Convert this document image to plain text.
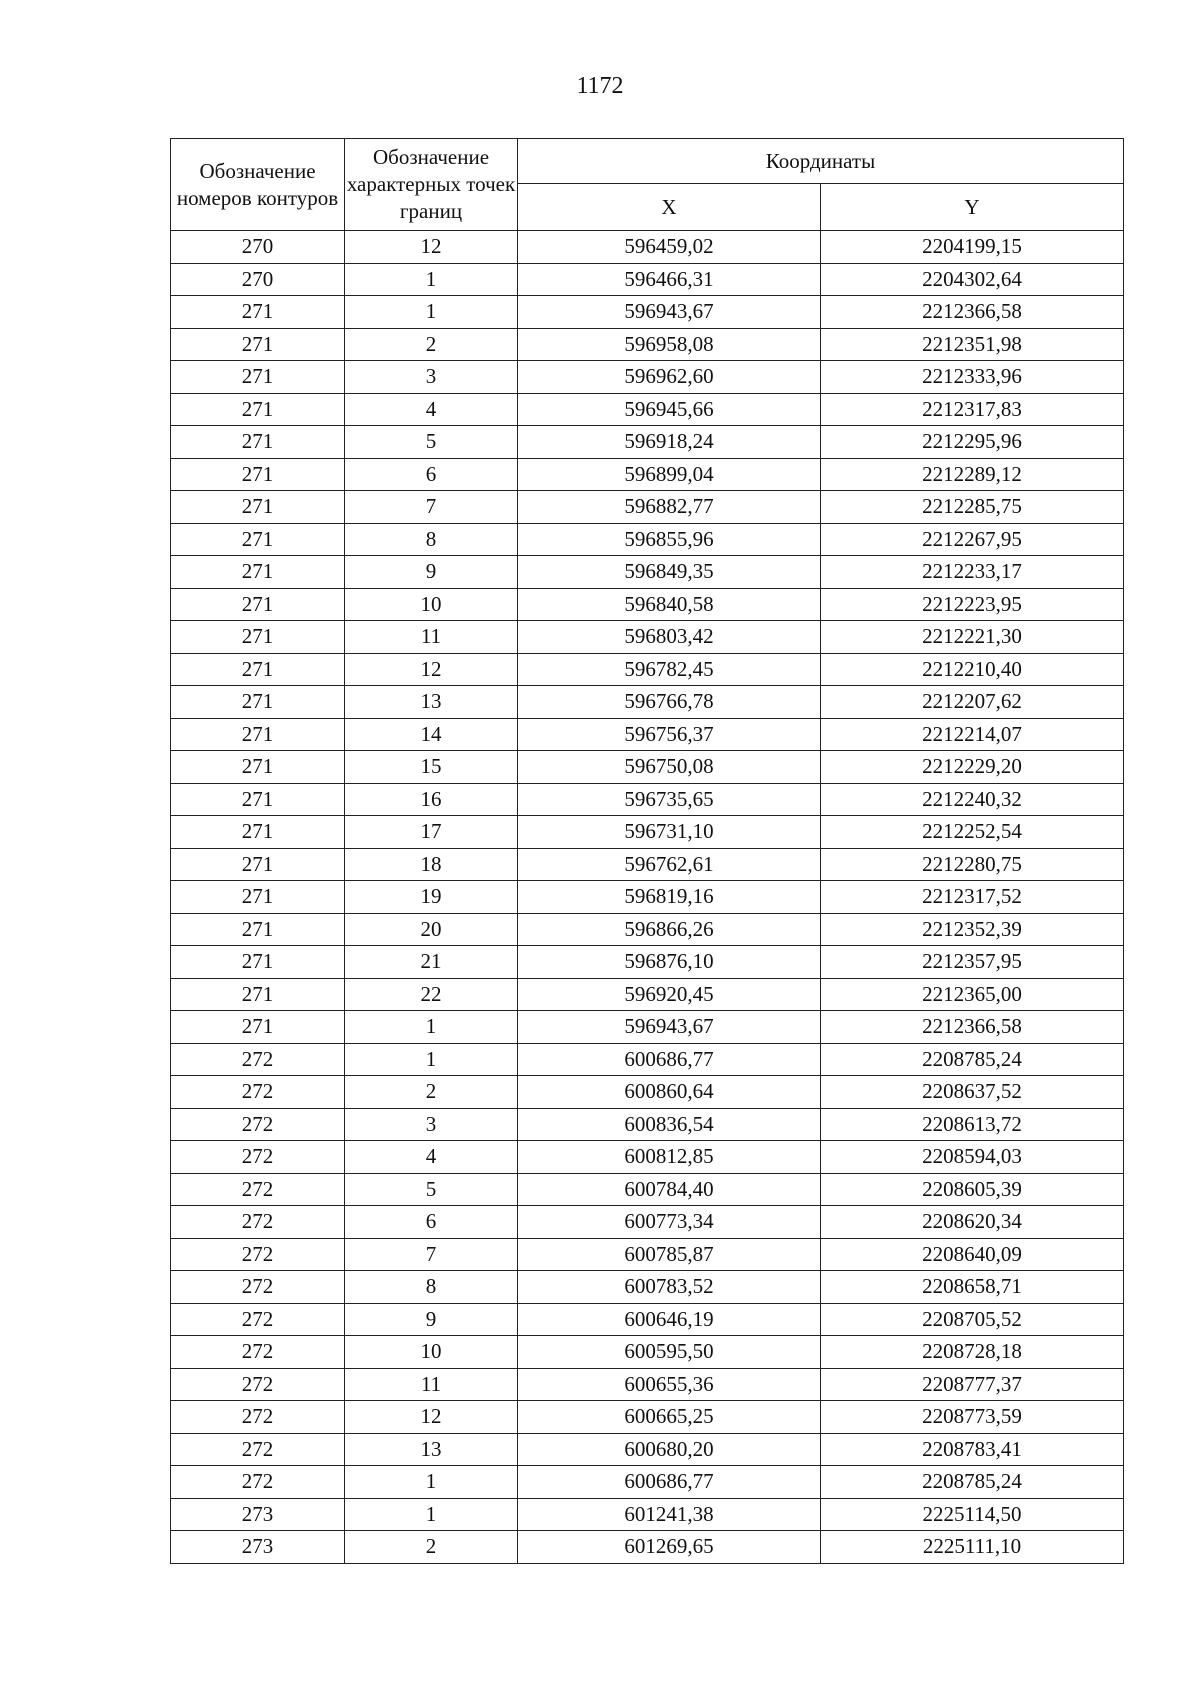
1172
Обозначение номеров контуров	Обозначение характерных точек границ	Координаты	
		X	Y
270	12	596459,02	2204199,15
270	1	596466,31	2204302,64
271	1	596943,67	2212366,58
271	2	596958,08	2212351,98
271	3	596962,60	2212333,96
271	4	596945,66	2212317,83
271	5	596918,24	2212295,96
271	6	596899,04	2212289,12
271	7	596882,77	2212285,75
271	8	596855,96	2212267,95
271	9	596849,35	2212233,17
271	10	596840,58	2212223,95
271	11	596803,42	2212221,30
271	12	596782,45	2212210,40
271	13	596766,78	2212207,62
271	14	596756,37	2212214,07
271	15	596750,08	2212229,20
271	16	596735,65	2212240,32
271	17	596731,10	2212252,54
271	18	596762,61	2212280,75
271	19	596819,16	2212317,52
271	20	596866,26	2212352,39
271	21	596876,10	2212357,95
271	22	596920,45	2212365,00
271	1	596943,67	2212366,58
272	1	600686,77	2208785,24
272	2	600860,64	2208637,52
272	3	600836,54	2208613,72
272	4	600812,85	2208594,03
272	5	600784,40	2208605,39
272	6	600773,34	2208620,34
272	7	600785,87	2208640,09
272	8	600783,52	2208658,71
272	9	600646,19	2208705,52
272	10	600595,50	2208728,18
272	11	600655,36	2208777,37
272	12	600665,25	2208773,59
272	13	600680,20	2208783,41
272	1	600686,77	2208785,24
273	1	601241,38	2225114,50
273	2	601269,65	2225111,10
